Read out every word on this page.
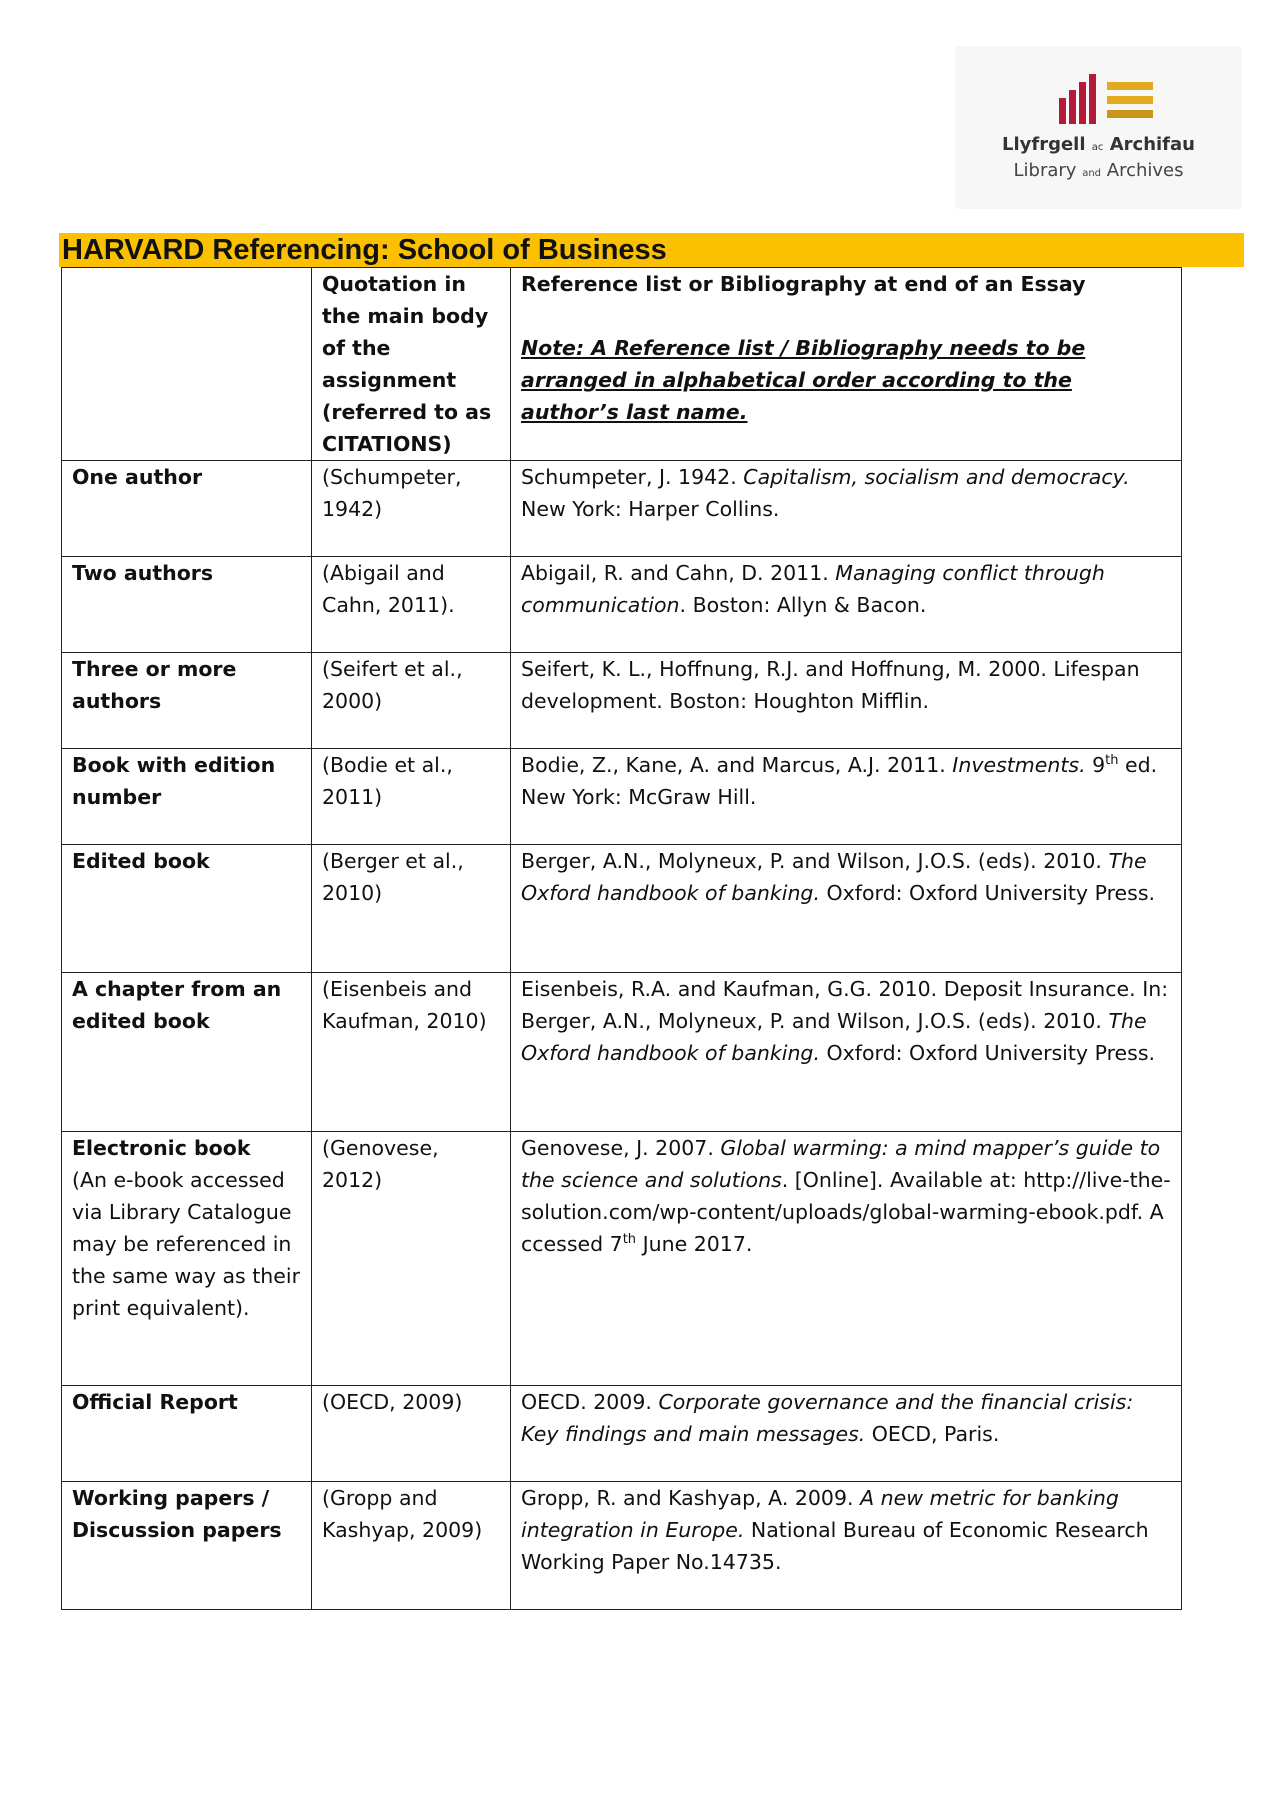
Llyfrgell ac Archifau
Library and Archives
HARVARD Referencing: School of Business
	Quotation in the main body of the assignment (referred to as CITATIONS)	Reference list or Bibliography at end of an Essay
Note: A Reference list / Bibliography needs to be arranged in alphabetical order according to the author’s last name.

One author	(Schumpeter, 1942)	Schumpeter, J. 1942. Capitalism, socialism and democracy. New York: Harper Collins.
Two authors	(Abigail and Cahn, 2011).	Abigail, R. and Cahn, D. 2011. Managing conflict through communication. Boston: Allyn & Bacon.
Three or more authors	(Seifert et al., 2000)	Seifert, K. L., Hoffnung, R.J. and Hoffnung, M. 2000. Lifespan development. Boston: Houghton Mifflin.
Book with edition number	(Bodie et al., 2011)	Bodie, Z., Kane, A. and Marcus, A.J. 2011. Investments. 9th ed. New York: McGraw Hill.
Edited book	(Berger et al., 2010)	Berger, A.N., Molyneux, P. and Wilson, J.O.S. (eds). 2010. The Oxford handbook of banking. Oxford: Oxford University Press.
A chapter from an edited book	(Eisenbeis and Kaufman, 2010)	Eisenbeis, R.A. and Kaufman, G.G. 2010. Deposit Insurance. In: Berger, A.N., Molyneux, P. and Wilson, J.O.S. (eds). 2010. The Oxford handbook of banking. Oxford: Oxford University Press.

Electronic book
(An e-book accessed via Library Catalogue may be referenced in the same way as their print equivalent).	(Genovese, 2012)	Genovese, J. 2007. Global warming: a mind mapper’s guide to the science and solutions. [Online]. Available at: http://live-the-solution.com/wp-content/uploads/global-warming-ebook.pdf. Accessed 7th June 2017.
Official Report	(OECD, 2009)	OECD. 2009. Corporate governance and the financial crisis: Key findings and main messages. OECD, Paris.
Working papers / Discussion papers	(Gropp and Kashyap, 2009)	Gropp, R. and Kashyap, A. 2009. A new metric for banking integration in Europe. National Bureau of Economic Research Working Paper No.14735.
